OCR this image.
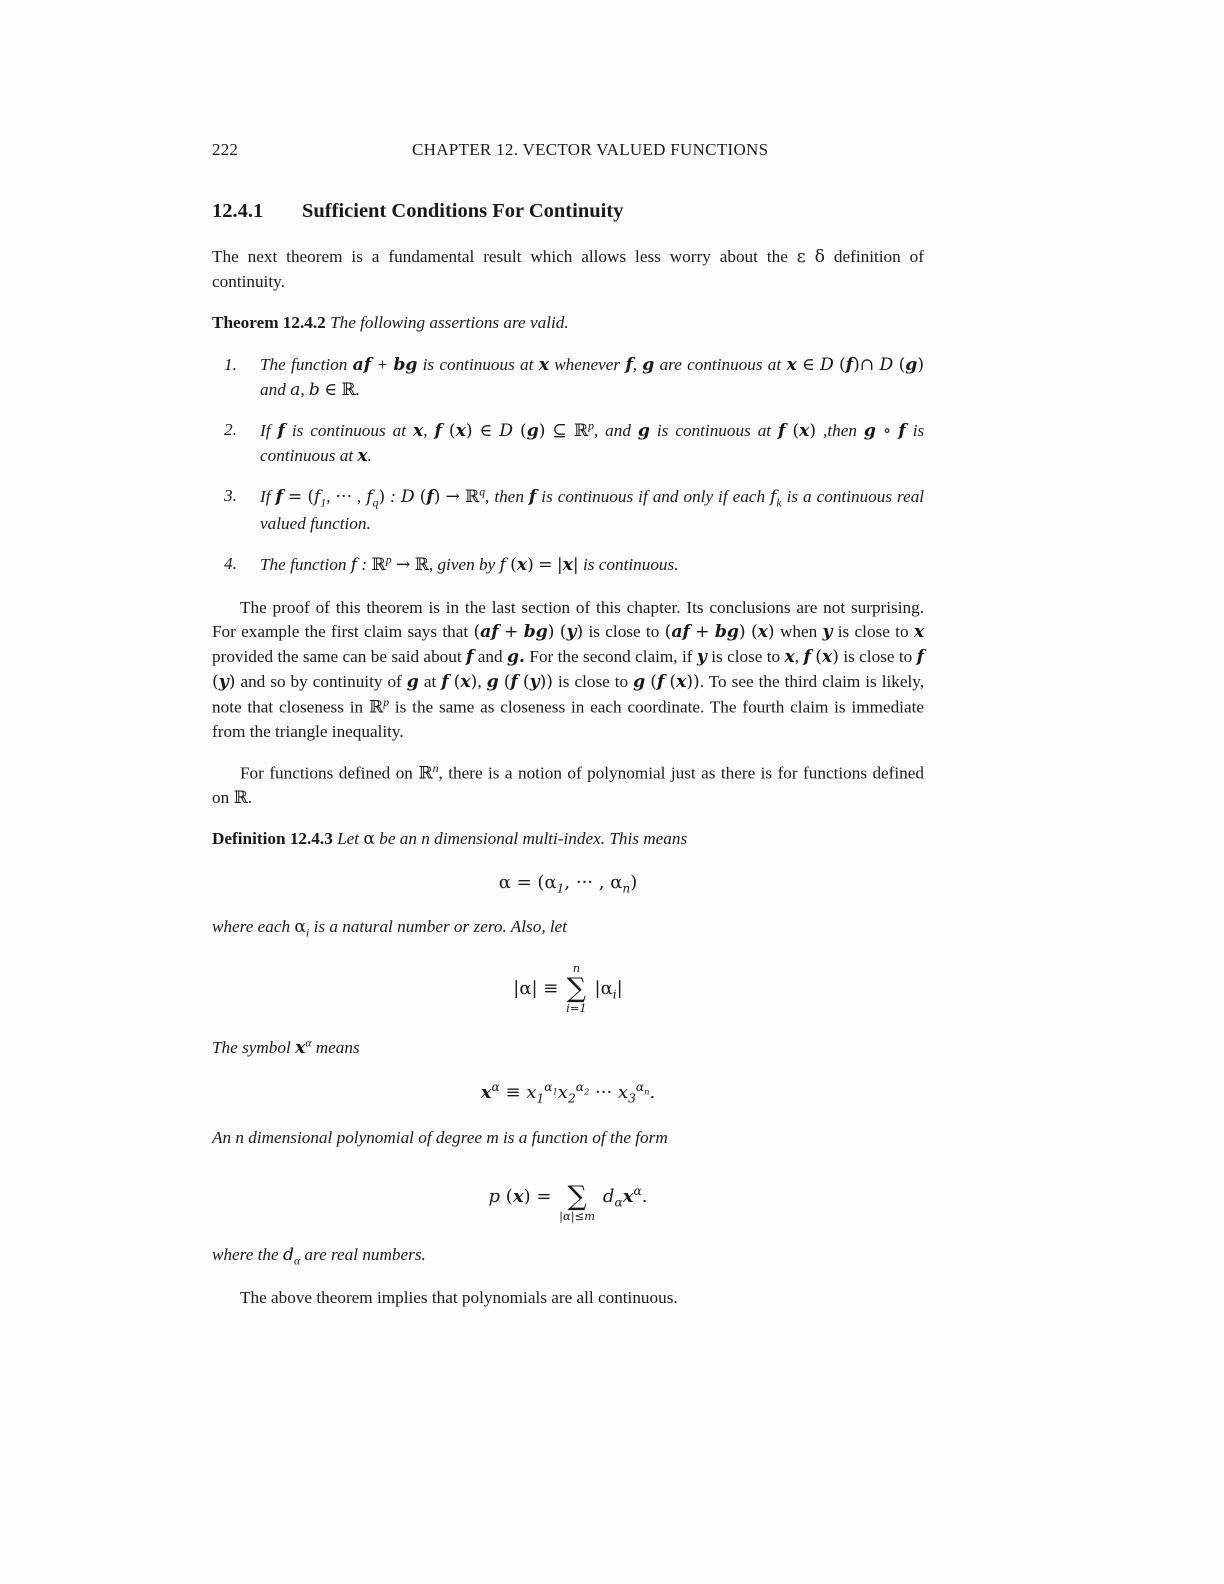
222	CHAPTER 12. VECTOR VALUED FUNCTIONS
12.4.1	Sufficient Conditions For Continuity

The next theorem is a fundamental result which allows less worry about the ε δ definition of continuity.

Theorem 12.4.2 The following assertions are valid.

1. The function af + bg is continuous at x whenever f, g are continuous at x ∈ D (f)∩ D (g) and a, b ∈ ℝ.
2. If f is continuous at x, f (x) ∈ D (g) ⊆ ℝ$^p$, and g is continuous at f (x) ,then g ∘ f is continuous at x.
3. If $f = (f_1$, ··· , $f_q$) : D (f) → ℝ$^q$, then f is continuous if and only if each $f_k$ is a continuous real valued function.
4. The function f : ℝ$^p$ → ℝ, given by f (x) = |x| is continuous.

The proof of this theorem is in the last section of this chapter. Its conclusions are not surprising. For example the first claim says that (af + bg) (y) is close to (af + bg) (x) when y is close to x provided the same can be said about f and g. For the second claim, if y is close to x, f (x) is close to f (y) and so by continuity of g at f (x), g (f (y)) is close to g (f (x)). To see the third claim is likely, note that closeness in ℝ$^p$ is the same as closeness in each coordinate. The fourth claim is immediate from the triangle inequality.

For functions defined on ℝ$^n$, there is a notion of polynomial just as there is for functions defined on ℝ.

Definition 12.4.3 Let α be an n dimensional multi-index. This means

$\alpha = (\alpha_1$, ··· , $\alpha_n$)

where each $\alpha_i$ is a natural number or zero. Also, let

|α| ≡
n
∑
i=1
$|\alpha_i|$

The symbol $x^\alpha$ means

$x^\alpha \equiv x_1^{\alpha_1}x_2^{\alpha_2}$ ··· $x_3^{\alpha_n}$.

An n dimensional polynomial of degree m is a function of the form

p (x) =
∑
|α|≤m
$d_\alpha x^\alpha$.

where the $d_\alpha$ are real numbers.

The above theorem implies that polynomials are all continuous.
